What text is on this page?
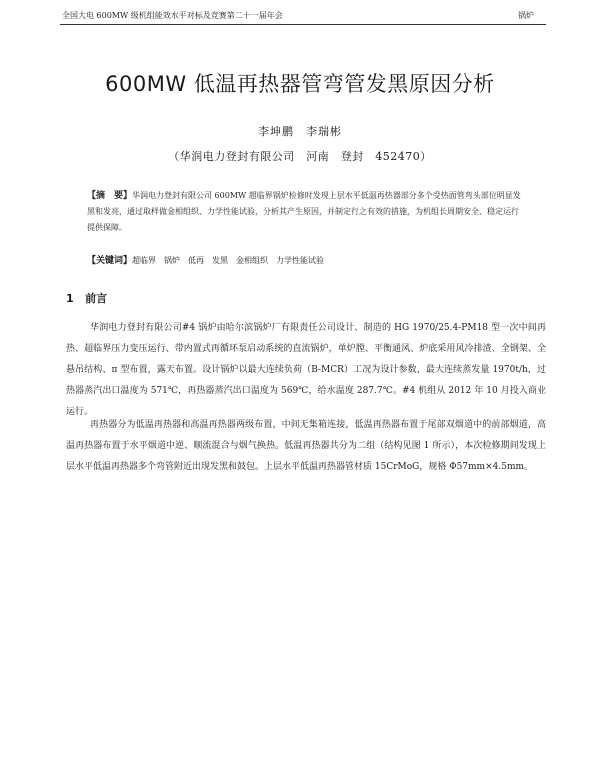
全国大电 600MW 级机组能效水平对标及竞赛第二十一届年会	锅炉
600MW 低温再热器管弯管发黑原因分析
李坤鹏　李瑞彬
（华润电力登封有限公司　河南　登封　452470）
【摘　要】华润电力登封有限公司 600MW 超临界锅炉检修时发现上层水平低温再热器部分多个受热面管弯头部位明显发黑和发亮，通过取样做金相组织、力学性能试验，分析其产生原因，并制定行之有效的措施，为机组长周期安全、稳定运行提供保障。
【关键词】超临界　锅炉　低再　发黑　金相组织　力学性能试验
1 前言
华润电力登封有限公司#4 锅炉由哈尔滨锅炉厂有限责任公司设计、制造的 HG 1970/25.4-PM18 型一次中间再热、超临界压力变压运行、带内置式再循环泵启动系统的直流锅炉，单炉膛、平衡通风、炉底采用风冷排渣、全钢架、全悬吊结构、π 型布置，露天布置。设计锅炉以最大连续负荷（B-MCR）工况为设计参数，最大连续蒸发量 1970t/h，过热器蒸汽出口温度为 571℃，再热器蒸汽出口温度为 569℃，给水温度 287.7℃。#4 机组从 2012 年 10 月投入商业运行。
再热器分为低温再热器和高温再热器两级布置，中间无集箱连接，低温再热器布置于尾部双烟道中的前部烟道，高温再热器布置于水平烟道中逆、顺流混合与烟气换热。低温再热器共分为二组（结构见图 1 所示），本次检修期间发现上层水平低温再热器多个弯管附近出现发黑和鼓包。上层水平低温再热器管材质 15CrMoG，规格 Φ57mm×4.5mm。
